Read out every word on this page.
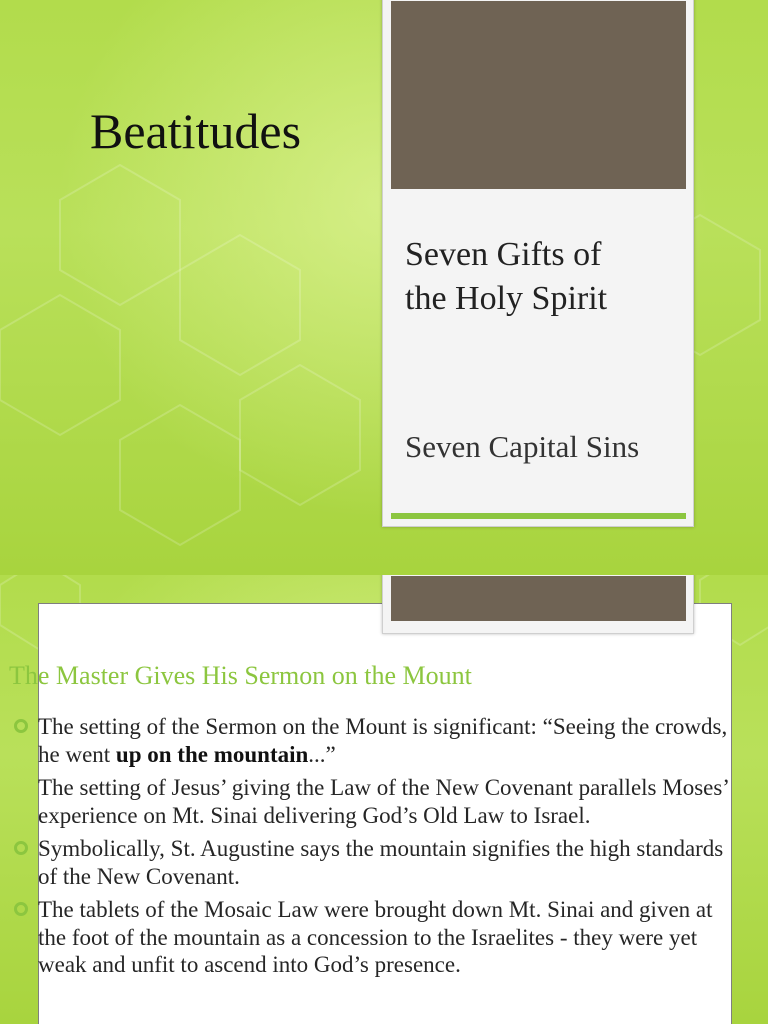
Beatitudes
Seven Gifts of
the Holy Spirit
Seven Capital Sins
The Master Gives His Sermon on the Mount
The setting of the Sermon on the Mount is significant: “Seeing the crowds, he went up on the mountain...”
The setting of Jesus’ giving the Law of the New Covenant parallels Moses’ experience on Mt. Sinai delivering God’s Old Law to Israel.
Symbolically, St. Augustine says the mountain signifies the high standards of the New Covenant.
The tablets of the Mosaic Law were brought down Mt. Sinai and given at the foot of the mountain as a concession to the Israelites - they were yet weak and unfit to ascend into God’s presence.
